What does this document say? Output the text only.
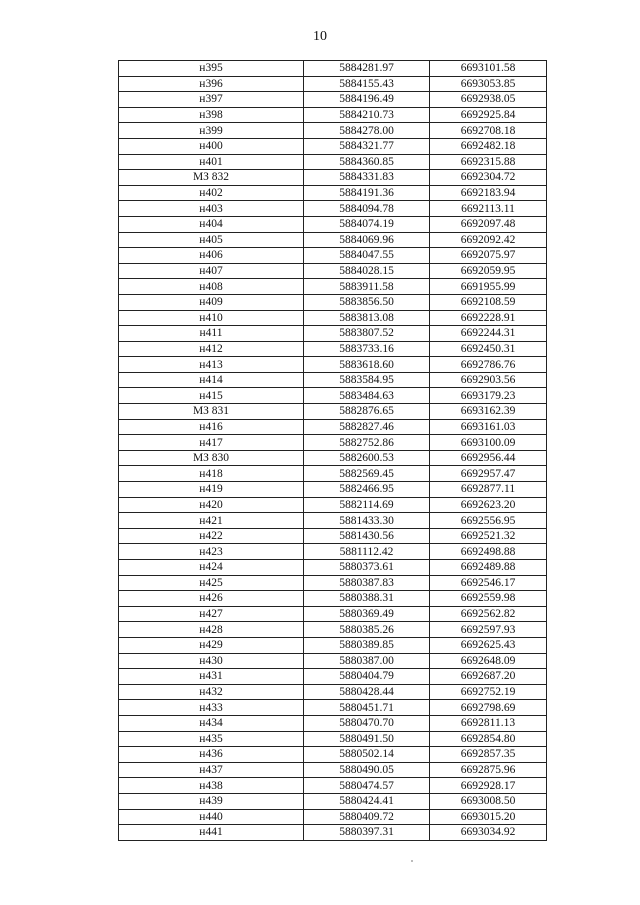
10
н395	5884281.97	6693101.58
н396	5884155.43	6693053.85
н397	5884196.49	6692938.05
н398	5884210.73	6692925.84
н399	5884278.00	6692708.18
н400	5884321.77	6692482.18
н401	5884360.85	6692315.88
МЗ 832	5884331.83	6692304.72
н402	5884191.36	6692183.94
н403	5884094.78	6692113.11
н404	5884074.19	6692097.48
н405	5884069.96	6692092.42
н406	5884047.55	6692075.97
н407	5884028.15	6692059.95
н408	5883911.58	6691955.99
н409	5883856.50	6692108.59
н410	5883813.08	6692228.91
н411	5883807.52	6692244.31
н412	5883733.16	6692450.31
н413	5883618.60	6692786.76
н414	5883584.95	6692903.56
н415	5883484.63	6693179.23
МЗ 831	5882876.65	6693162.39
н416	5882827.46	6693161.03
н417	5882752.86	6693100.09
МЗ 830	5882600.53	6692956.44
н418	5882569.45	6692957.47
н419	5882466.95	6692877.11
н420	5882114.69	6692623.20
н421	5881433.30	6692556.95
н422	5881430.56	6692521.32
н423	5881112.42	6692498.88
н424	5880373.61	6692489.88
н425	5880387.83	6692546.17
н426	5880388.31	6692559.98
н427	5880369.49	6692562.82
н428	5880385.26	6692597.93
н429	5880389.85	6692625.43
н430	5880387.00	6692648.09
н431	5880404.79	6692687.20
н432	5880428.44	6692752.19
н433	5880451.71	6692798.69
н434	5880470.70	6692811.13
н435	5880491.50	6692854.80
н436	5880502.14	6692857.35
н437	5880490.05	6692875.96
н438	5880474.57	6692928.17
н439	5880424.41	6693008.50
н440	5880409.72	6693015.20
н441	5880397.31	6693034.92
